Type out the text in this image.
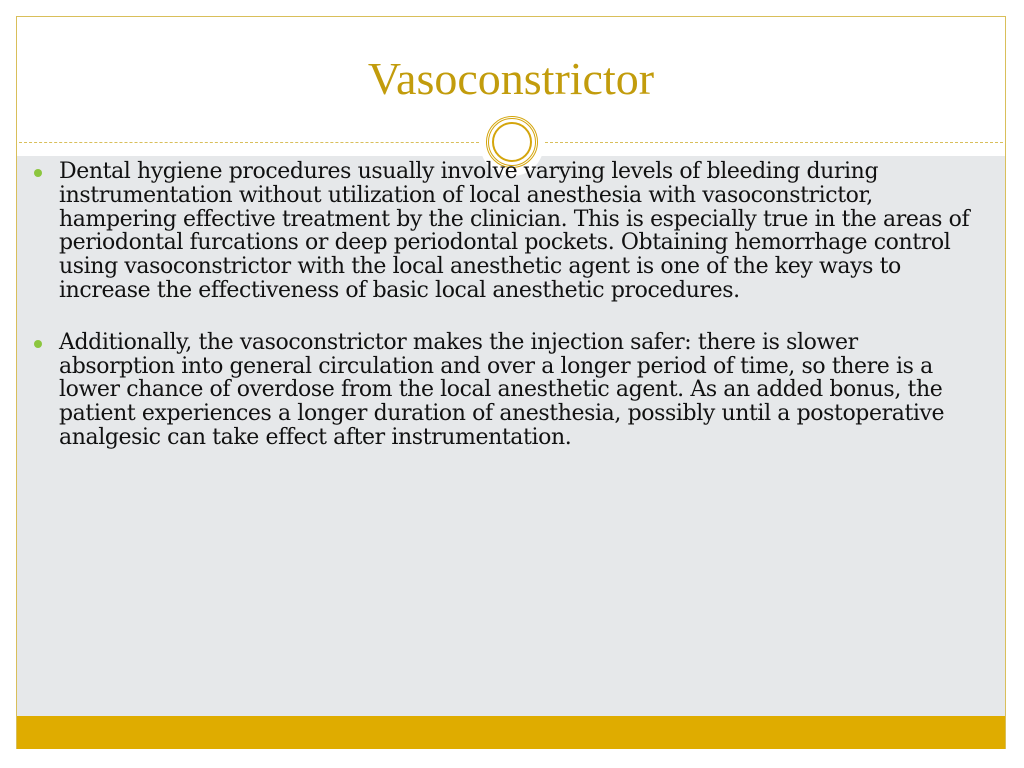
Vasoconstrictor
Dental hygiene procedures usually involve varying levels of bleeding during instrumentation without utilization of local anesthesia with vasoconstrictor, hampering effective treatment by the clinician. This is especially true in the areas of periodontal furcations or deep periodontal pockets. Obtaining hemorrhage control using vasoconstrictor with the local anesthetic agent is one of the key ways to increase the effectiveness of basic local anesthetic procedures.
Additionally, the vasoconstrictor makes the injection safer: there is slower absorption into general circulation and over a longer period of time, so there is a lower chance of overdose from the local anesthetic agent. As an added bonus, the patient experiences a longer duration of anesthesia, possibly until a postoperative analgesic can take effect after instrumentation.
